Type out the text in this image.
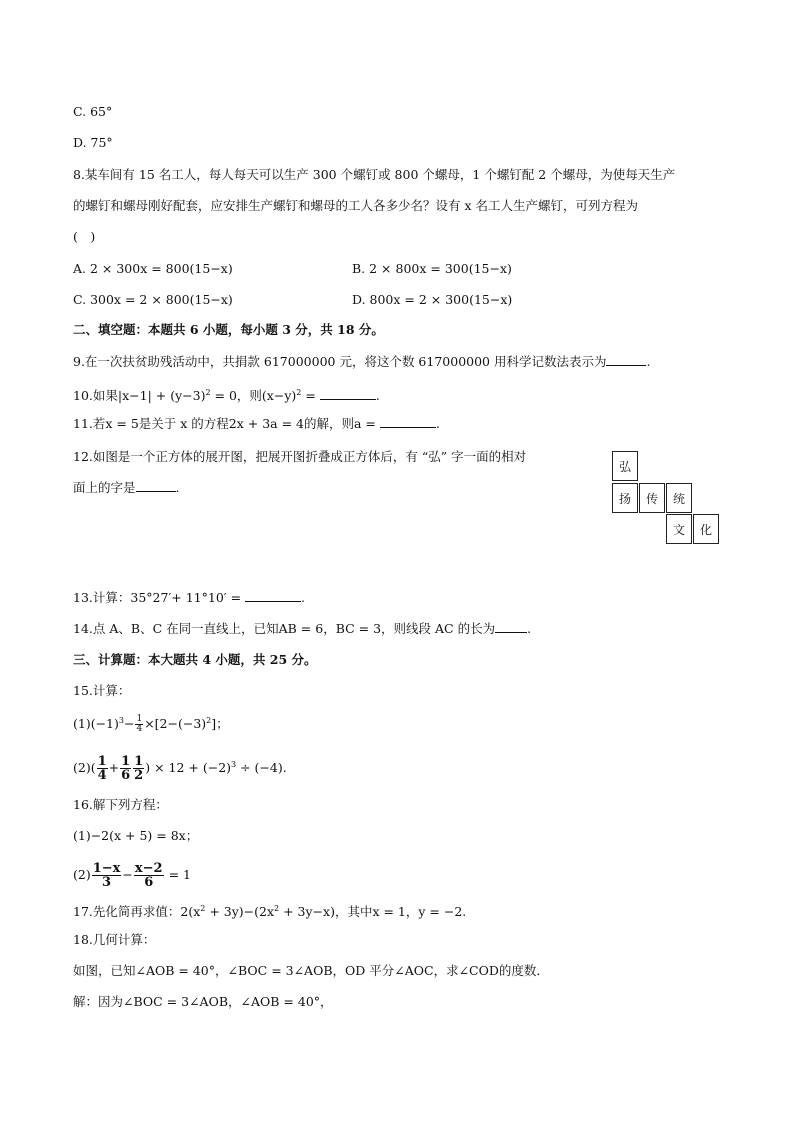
C. 65°
D. 75°
8.某车间有 15 名工人，每人每天可以生产 300 个螺钉或 800 个螺母，1 个螺钉配 2 个螺母，为使每天生产
的螺钉和螺母刚好配套，应安排生产螺钉和螺母的工人各多少名？设有 x 名工人生产螺钉，可列方程为
(　)
A. 2 × 300x = 800(15−x)	B. 2 × 800x = 300(15−x)
C. 300x = 2 × 800(15−x)	D. 800x = 2 × 300(15−x)
二、填空题：本题共 6 小题，每小题 3 分，共 18 分。
9.在一次扶贫助残活动中，共捐款 617000000 元，将这个数 617000000 用科学记数法表示为	.
10.如果$|x-1| + (y-3)^2 = 0$，则$(x-y)^2$ =	.
11.若x = 5是关于 x 的方程2x + 3a = 4的解，则a =	.
12.如图是一个正方体的展开图，把展开图折叠成正方体后，有 “弘” 字一面的相对
面上的字是	.
弘
扬	传	统
文	化
13.计算：35°27′+ 11°10′ =	.
14.点 A、B、C 在同一直线上，已知AB = 6，BC = 3，则线段 AC 的长为	.
三、计算题：本大题共 4 小题，共 25 分。
15.计算：
$(1)(-1)^3- \frac{1}{4} \times[2-(-3)^2]$；
$(2)( \frac{1}{4} + \frac{1}{6} \frac{1}{2}$ ) × $12 + (-2)^3 \div (-4)$.
16.解下列方程：
(1)−2(x + 5) = 8x；
$(2) \frac{1-x}{3} - \frac{x-2}{6} = 1$
17.先化简再求值：$2(x^2 + 3y)-(2x^2 + 3y-x)$，其中x = 1，y = −2.
18.几何计算：
如图，已知∠AOB = 40°，∠BOC = 3∠AOB，OD 平分∠AOC，求∠COD的度数．
解：因为∠BOC = 3∠AOB，∠AOB = 40°，
